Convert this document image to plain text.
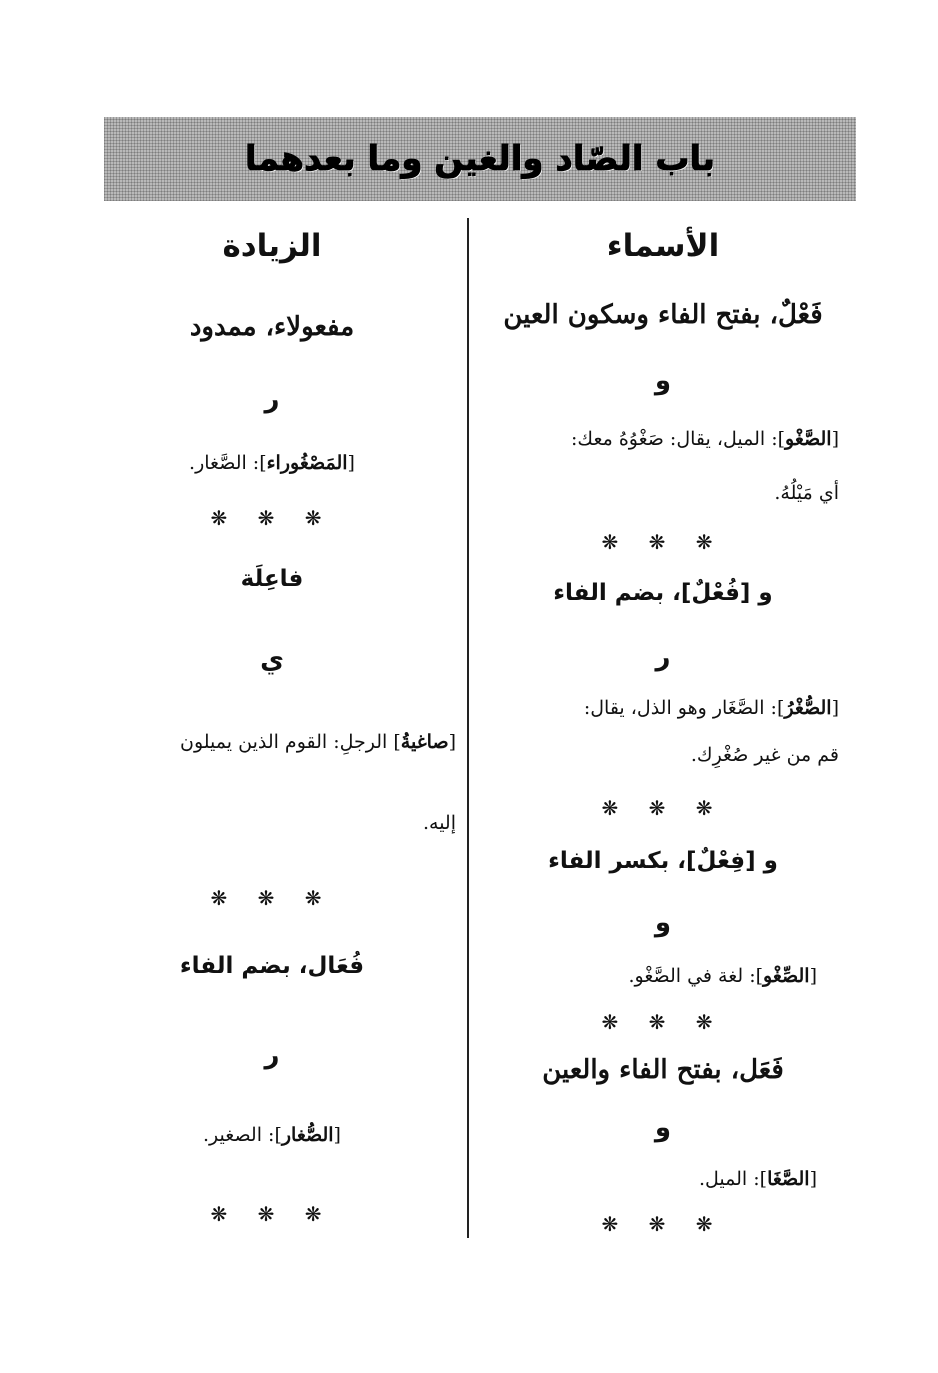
باب الصّاد والغين وما بعدهما
الأسماء
فَعْلٌ، بفتح الفاء وسكون العين
و
[الصَّغْو]: الميل، يقال: صَغْوُهُ معك:
أي مَيْلُهُ.
❋ ❋ ❋
و [فُعْلٌ]، بضم الفاء
ر
[الصُّغْرُ]: الصَّغَار وهو الذل، يقال:
قم من غير صُغْرِك.
❋ ❋ ❋
و [فِعْلٌ]، بكسر الفاء
و
[الصِّغْو]: لغة في الصَّغْو.
❋ ❋ ❋
فَعَل، بفتح الفاء والعين
و
[الصَّغَا]: الميل.
❋ ❋ ❋
الزيادة
مفعولاء، ممدود
ر
[المَصْغُوراء]: الصَّغار.
❋ ❋ ❋
فاعِلَة
ي
[صاغيةُ] الرجلِ: القوم الذين يميلون
إليه.
❋ ❋ ❋
فُعَال، بضم الفاء
ر
[الصُّغار]: الصغير.
❋ ❋ ❋
